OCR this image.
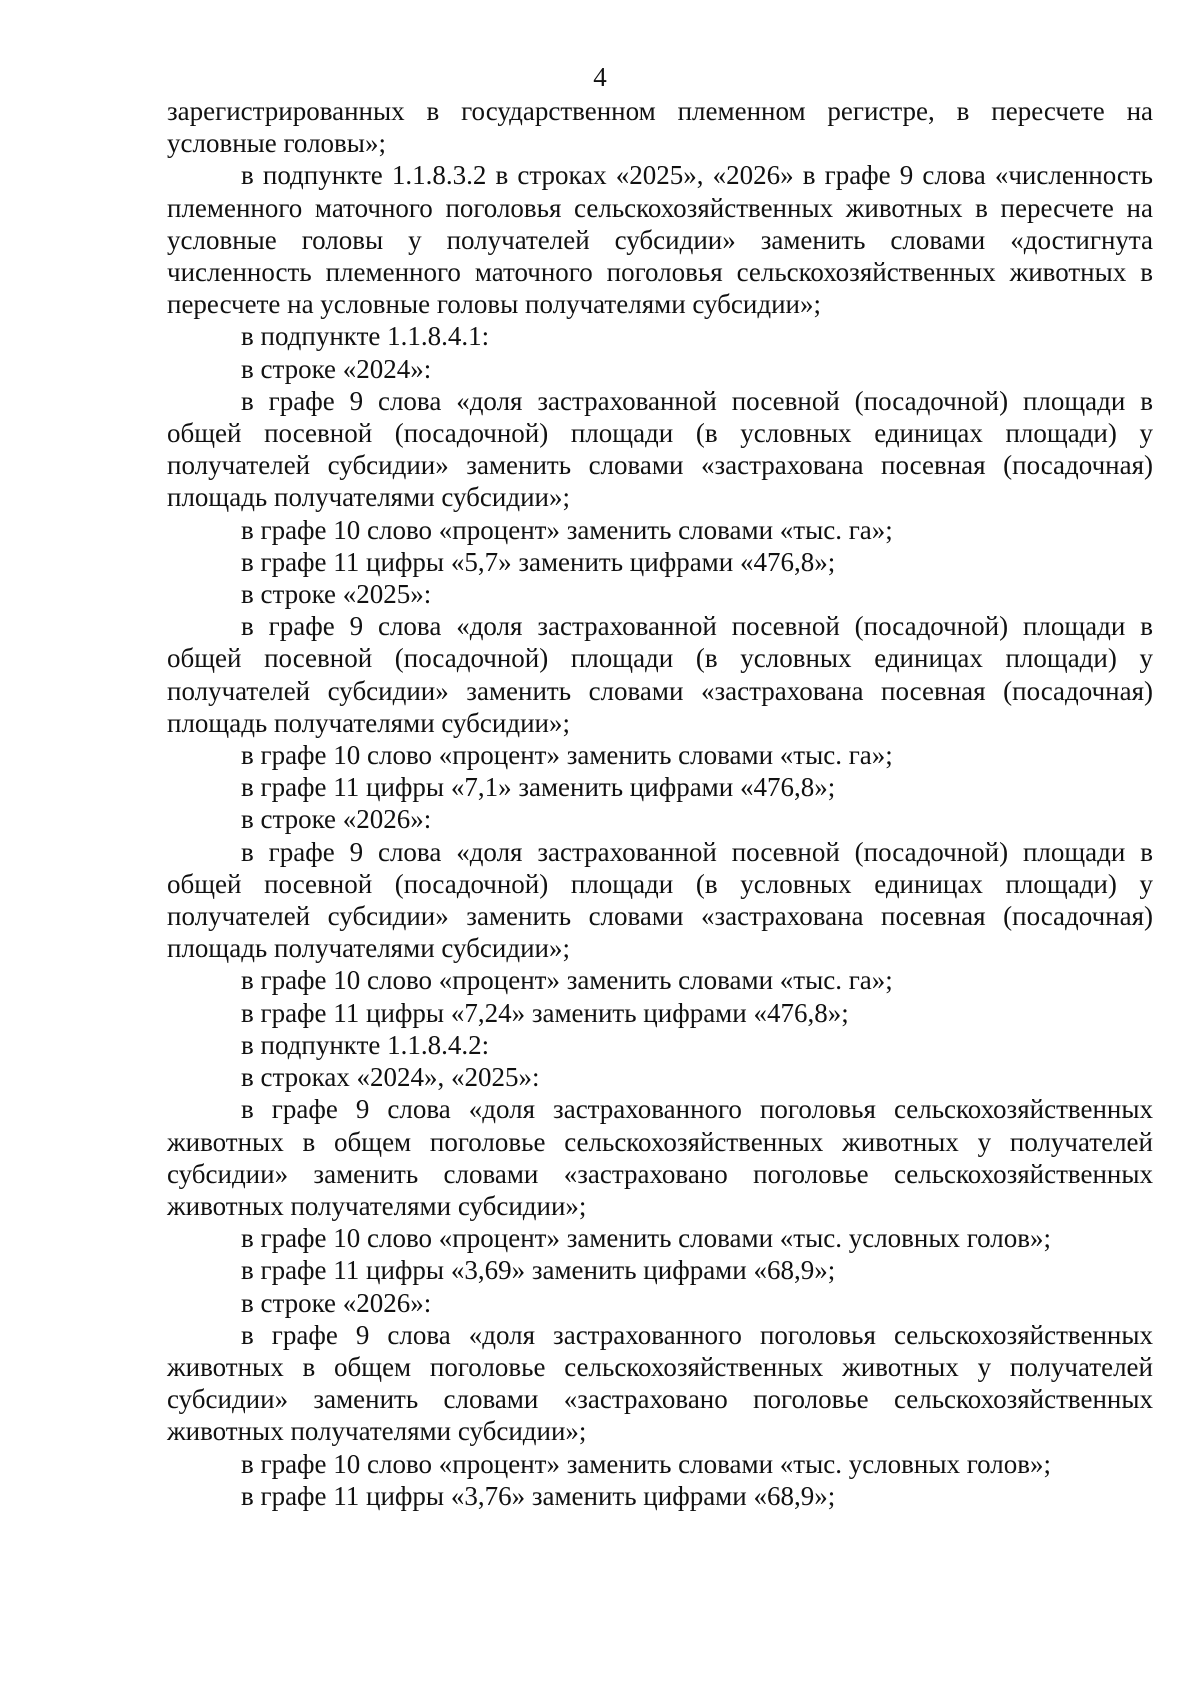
4

зарегистрированных в государственном племенном регистре, в пересчете на условные головы»;

в подпункте 1.1.8.3.2 в строках «2025», «2026» в графе 9 слова «численность племенного маточного поголовья сельскохозяйственных животных в пересчете на условные головы у получателей субсидии» заменить словами «достигнута численность племенного маточного поголовья сельскохозяйственных животных в пересчете на условные головы получателями субсидии»;

в подпункте 1.1.8.4.1:

в строке «2024»:

в графе 9 слова «доля застрахованной посевной (посадочной) площади в общей посевной (посадочной) площади (в условных единицах площади) у получателей субсидии» заменить словами «застрахована посевная (посадочная) площадь получателями субсидии»;

в графе 10 слово «процент» заменить словами «тыс. га»;

в графе 11 цифры «5,7» заменить цифрами «476,8»;

в строке «2025»:

в графе 9 слова «доля застрахованной посевной (посадочной) площади в общей посевной (посадочной) площади (в условных единицах площади) у получателей субсидии» заменить словами «застрахована посевная (посадочная) площадь получателями субсидии»;

в графе 10 слово «процент» заменить словами «тыс. га»;

в графе 11 цифры «7,1» заменить цифрами «476,8»;

в строке «2026»:

в графе 9 слова «доля застрахованной посевной (посадочной) площади в общей посевной (посадочной) площади (в условных единицах площади) у получателей субсидии» заменить словами «застрахована посевная (посадочная) площадь получателями субсидии»;

в графе 10 слово «процент» заменить словами «тыс. га»;

в графе 11 цифры «7,24» заменить цифрами «476,8»;

в подпункте 1.1.8.4.2:

в строках «2024», «2025»:

в графе 9 слова «доля застрахованного поголовья сельскохозяйственных животных в общем поголовье сельскохозяйственных животных у получателей субсидии» заменить словами «застраховано поголовье сельскохозяйственных животных получателями субсидии»;

в графе 10 слово «процент» заменить словами «тыс. условных голов»;

в графе 11 цифры «3,69» заменить цифрами «68,9»;

в строке «2026»:

в графе 9 слова «доля застрахованного поголовья сельскохозяйственных животных в общем поголовье сельскохозяйственных животных у получателей субсидии» заменить словами «застраховано поголовье сельскохозяйственных животных получателями субсидии»;

в графе 10 слово «процент» заменить словами «тыс. условных голов»;

в графе 11 цифры «3,76» заменить цифрами «68,9»;
